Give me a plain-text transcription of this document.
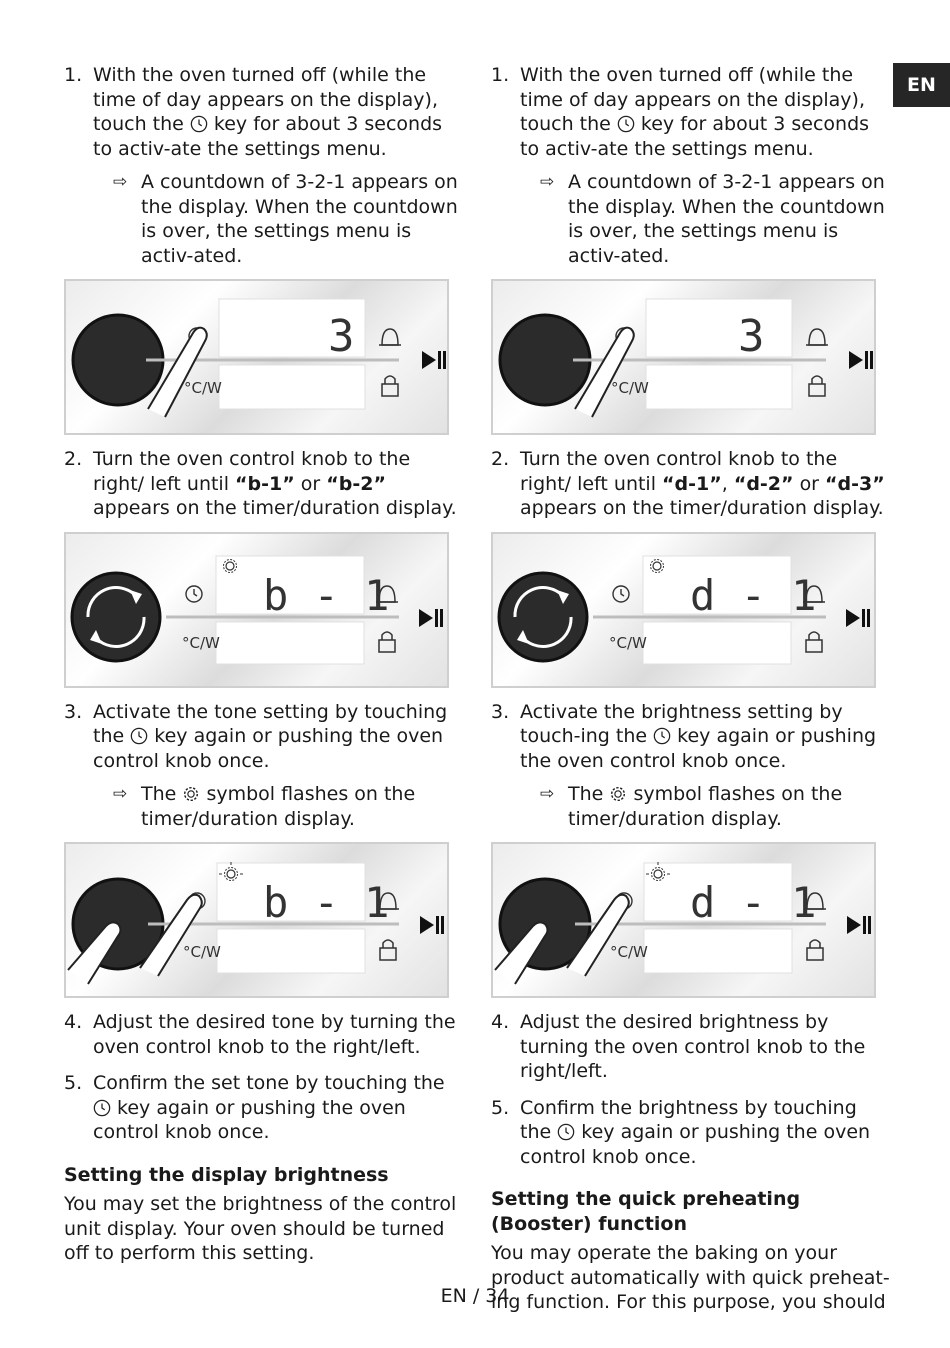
EN

1. With the oven turned off (while the time of day appears on the display), touch the key for about 3 seconds to activ-ate the settings menu.

⇨ A countdown of 3-2-1 appears on the display. When the countdown is over, the settings menu is activ-ated.

3
°C/W

2. Turn the oven control knob to the right/ left until “b-1” or “b-2” appears on the timer/duration display.

b - 1
°C/W

3. Activate the tone setting by touching the key again or pushing the oven control knob once.

⇨ The symbol flashes on the timer/duration display.

b - 1
°C/W

4. Adjust the desired tone by turning the oven control knob to the right/left.

5. Confirm the set tone by touching the  key again or pushing the oven control knob once.

Setting the display brightness

You may set the brightness of the control unit display. Your oven should be turned off to perform this setting.

1. With the oven turned off (while the time of day appears on the display), touch the key for about 3 seconds to activ-ate the settings menu.

⇨ A countdown of 3-2-1 appears on the display. When the countdown is over, the settings menu is activ-ated.

3
°C/W

2. Turn the oven control knob to the right/ left until “d-1”, “d-2” or “d-3” appears on the timer/duration display.

d - 1
°C/W

3. Activate the brightness setting by touch-ing the key again or pushing the oven control knob once.

⇨ The symbol flashes on the timer/duration display.

d - 1
°C/W

4. Adjust the desired brightness by turning the oven control knob to the right/left.

5. Confirm the brightness by touching the key again or pushing the oven control knob once.

Setting the quick preheating (Booster) function

You may operate the baking on your product automatically with quick preheat-ing function. For this purpose, you should

EN / 34
